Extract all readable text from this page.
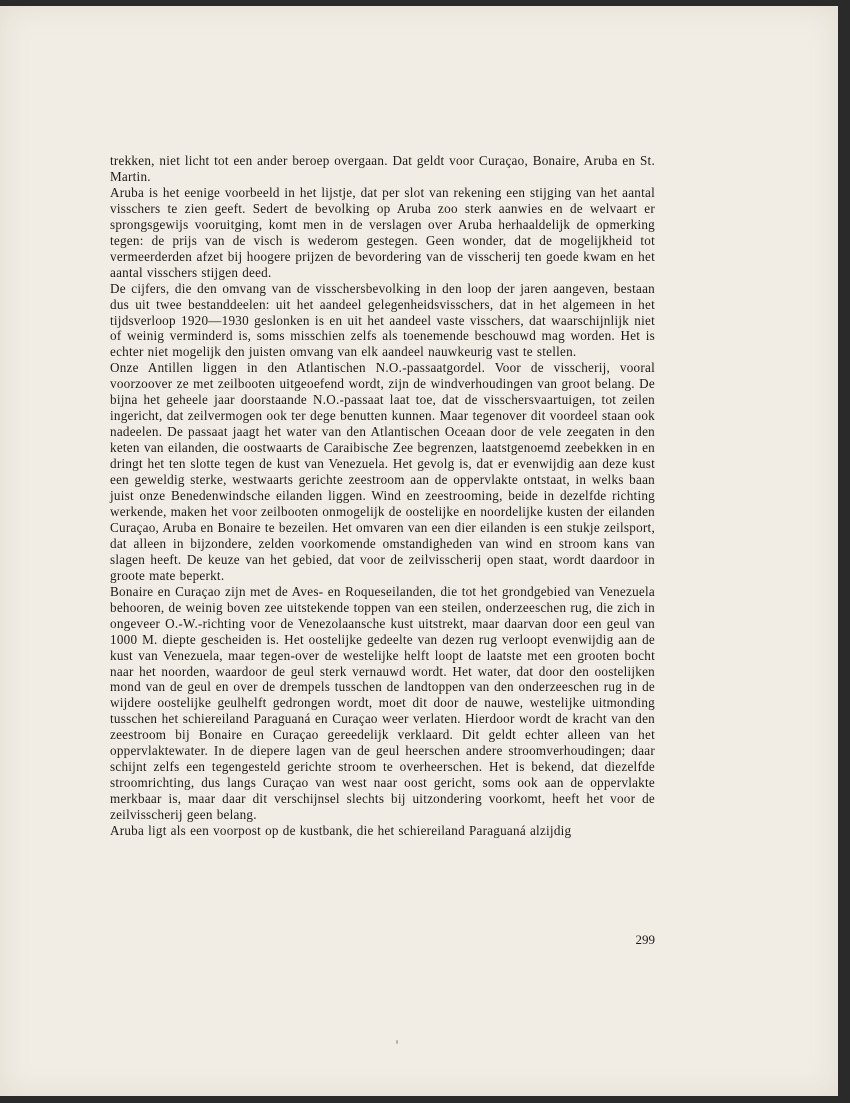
trekken, niet licht tot een ander beroep overgaan. Dat geldt voor Curaçao, Bonaire, Aruba en St. Martin.

Aruba is het eenige voorbeeld in het lijstje, dat per slot van rekening een stijging van het aantal visschers te zien geeft. Sedert de bevolking op Aruba zoo sterk aanwies en de welvaart er sprongsgewijs vooruitging, komt men in de verslagen over Aruba herhaaldelijk de opmerking tegen: de prijs van de visch is wederom gestegen. Geen wonder, dat de mogelijkheid tot vermeerderden afzet bij hoogere prijzen de bevordering van de visscherij ten goede kwam en het aantal visschers stijgen deed.

De cijfers, die den omvang van de visschersbevolking in den loop der jaren aangeven, bestaan dus uit twee bestanddeelen: uit het aandeel gelegenheidsvisschers, dat in het algemeen in het tijdsverloop 1920—1930 geslonken is en uit het aandeel vaste visschers, dat waarschijnlijk niet of weinig verminderd is, soms misschien zelfs als toenemende beschouwd mag worden. Het is echter niet mogelijk den juisten omvang van elk aandeel nauwkeurig vast te stellen.

Onze Antillen liggen in den Atlantischen N.O.-passaatgordel. Voor de visscherij, vooral voorzoover ze met zeilbooten uitgeoefend wordt, zijn de windverhoudingen van groot belang. De bijna het geheele jaar doorstaande N.O.-passaat laat toe, dat de visschersvaartuigen, tot zeilen ingericht, dat zeilvermogen ook ter dege benutten kunnen. Maar tegenover dit voordeel staan ook nadeelen. De passaat jaagt het water van den Atlantischen Oceaan door de vele zeegaten in den keten van eilanden, die oostwaarts de Caraibische Zee begrenzen, laatstgenoemd zeebekken in en dringt het ten slotte tegen de kust van Venezuela. Het gevolg is, dat er evenwijdig aan deze kust een geweldig sterke, westwaarts gerichte zeestroom aan de oppervlakte ontstaat, in welks baan juist onze Benedenwindsche eilanden liggen. Wind en zeestrooming, beide in dezelfde richting werkende, maken het voor zeilbooten onmogelijk de oostelijke en noordelijke kusten der eilanden Curaçao, Aruba en Bonaire te bezeilen. Het omvaren van een dier eilanden is een stukje zeilsport, dat alleen in bijzondere, zelden voorkomende omstandigheden van wind en stroom kans van slagen heeft. De keuze van het gebied, dat voor de zeilvisscherij open staat, wordt daardoor in groote mate beperkt.

Bonaire en Curaçao zijn met de Aves- en Roqueseilanden, die tot het grondgebied van Venezuela behooren, de weinig boven zee uitstekende toppen van een steilen, onderzeeschen rug, die zich in ongeveer O.-W.-richting voor de Venezolaansche kust uitstrekt, maar daarvan door een geul van 1000 M. diepte gescheiden is. Het oostelijke gedeelte van dezen rug verloopt evenwijdig aan de kust van Venezuela, maar tegen-over de westelijke helft loopt de laatste met een grooten bocht naar het noorden, waardoor de geul sterk vernauwd wordt. Het water, dat door den oostelijken mond van de geul en over de drempels tusschen de landtoppen van den onderzeeschen rug in de wijdere oostelijke geulhelft gedrongen wordt, moet dit door de nauwe, westelijke uitmonding tusschen het schiereiland Paraguaná en Curaçao weer verlaten. Hierdoor wordt de kracht van den zeestroom bij Bonaire en Curaçao gereedelijk verklaard. Dit geldt echter alleen van het oppervlaktewater. In de diepere lagen van de geul heerschen andere stroomverhoudingen; daar schijnt zelfs een tegengesteld gerichte stroom te overheerschen. Het is bekend, dat diezelfde stroomrichting, dus langs Curaçao van west naar oost gericht, soms ook aan de oppervlakte merkbaar is, maar daar dit verschijnsel slechts bij uitzondering voorkomt, heeft het voor de zeilvisscherij geen belang.

Aruba ligt als een voorpost op de kustbank, die het schiereiland Paraguaná alzijdig

299
